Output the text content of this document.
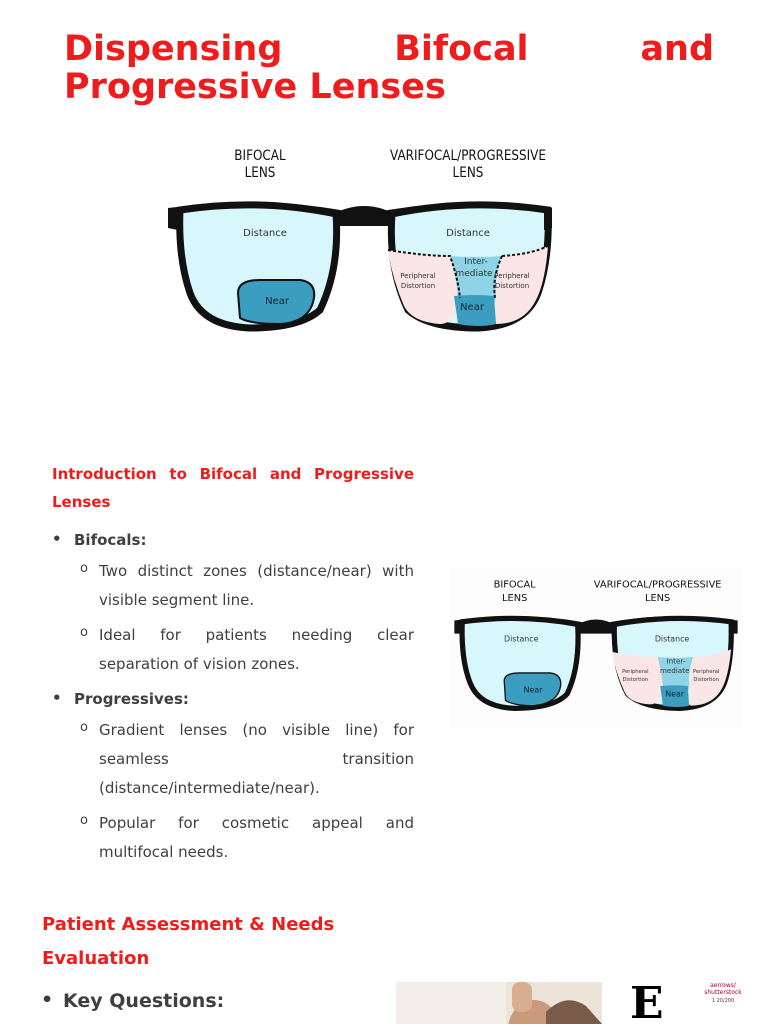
Dispensing	Bifocal	and
Progressive Lenses
BIFOCAL
LENS
VARIFOCAL/PROGRESSIVE
LENS
Distance
Near
Distance
Inter-
mediate
Near
Peripheral
Distortion
Peripheral
Distortion
Introduction to Bifocal and Progressive Lenses
• Bifocals:
o Two distinct zones (distance/near) with visible segment line.
o Ideal for patients needing clear separation of vision zones.
• Progressives:
o Gradient lenses (no visible line) for seamless transition (distance/intermediate/near).
o Popular for cosmetic appeal and multifocal needs.
BIFOCAL
LENS
VARIFOCAL/PROGRESSIVE
LENS
Distance
Near
Distance
Inter-
mediate
Near
Peripheral
Distortion
Peripheral
Distortion
Patient Assessment & Needs Evaluation
• Key Questions:	E	aerrows/
shutterstock
1 20/200
